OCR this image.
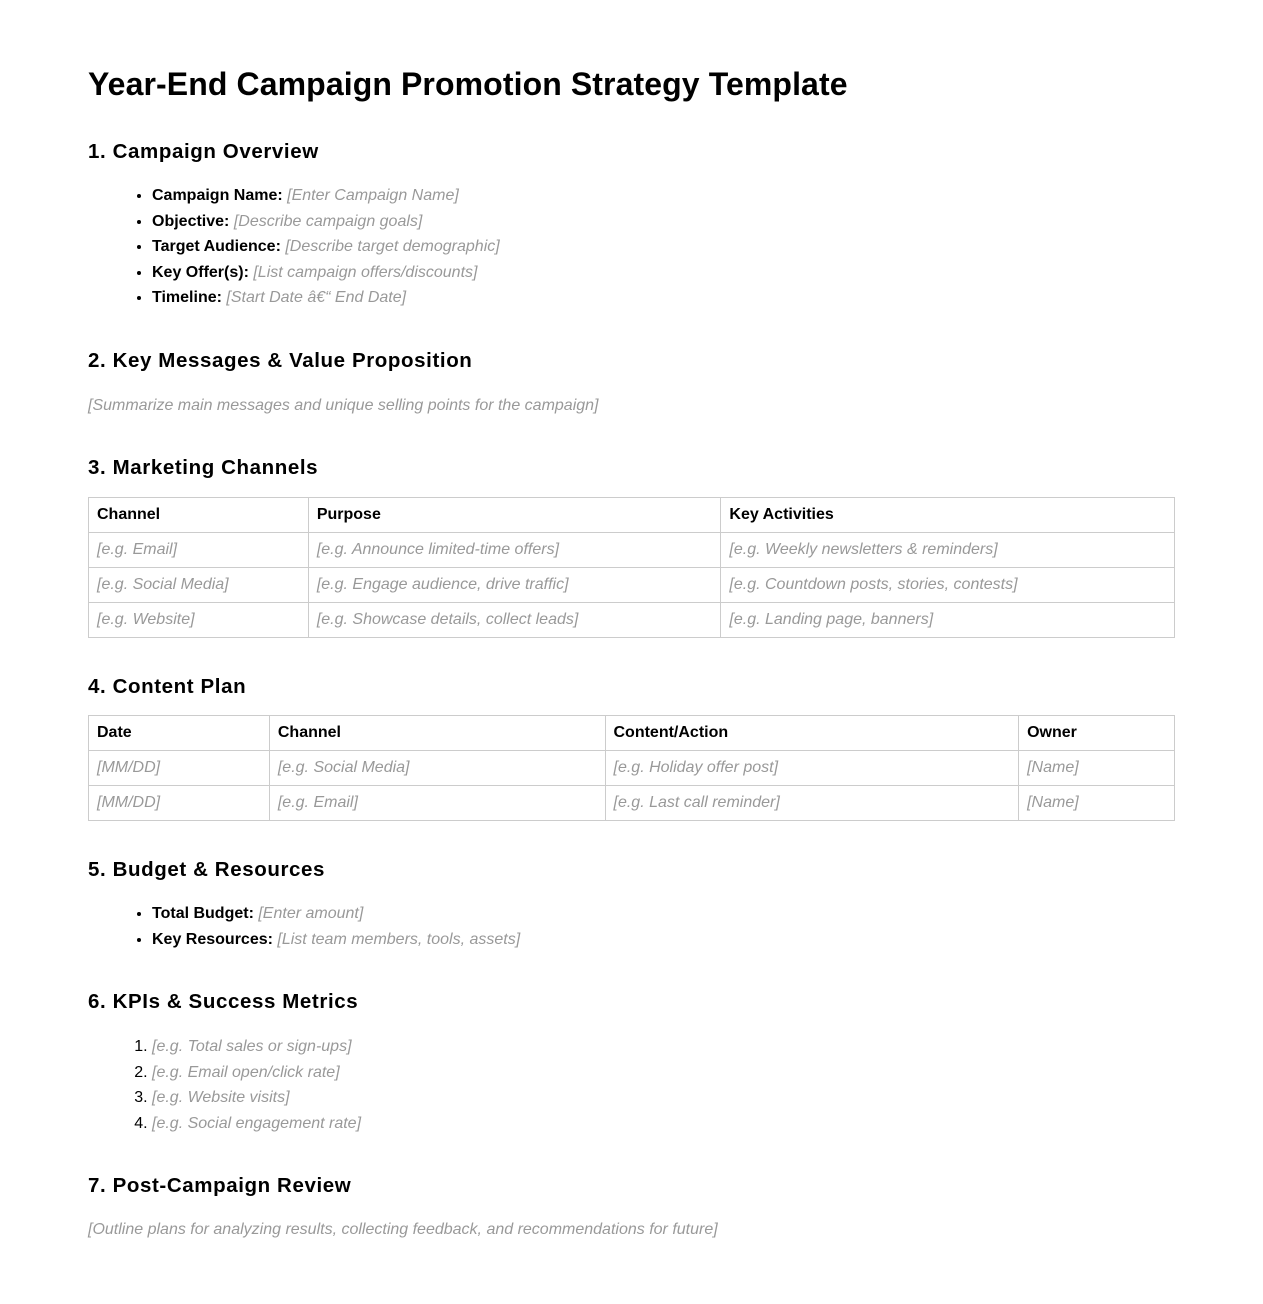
Year-End Campaign Promotion Strategy Template
1. Campaign Overview
• Campaign Name: [Enter Campaign Name]
• Objective: [Describe campaign goals]
• Target Audience: [Describe target demographic]
• Key Offer(s): [List campaign offers/discounts]
• Timeline: [Start Date â€“ End Date]
2. Key Messages & Value Proposition

[Summarize main messages and unique selling points for the campaign]

3. Marketing Channels
Channel	Purpose	Key Activities
[e.g. Email]	[e.g. Announce limited-time offers]	[e.g. Weekly newsletters & reminders]
[e.g. Social Media]	[e.g. Engage audience, drive traffic]	[e.g. Countdown posts, stories, contests]
[e.g. Website]	[e.g. Showcase details, collect leads]	[e.g. Landing page, banners]
4. Content Plan
Date	Channel	Content/Action	Owner
[MM/DD]	[e.g. Social Media]	[e.g. Holiday offer post]	[Name]
[MM/DD]	[e.g. Email]	[e.g. Last call reminder]	[Name]
5. Budget & Resources
• Total Budget: [Enter amount]
• Key Resources: [List team members, tools, assets]
6. KPIs & Success Metrics
1. [e.g. Total sales or sign-ups]
2. [e.g. Email open/click rate]
3. [e.g. Website visits]
4. [e.g. Social engagement rate]
7. Post-Campaign Review

[Outline plans for analyzing results, collecting feedback, and recommendations for future]
